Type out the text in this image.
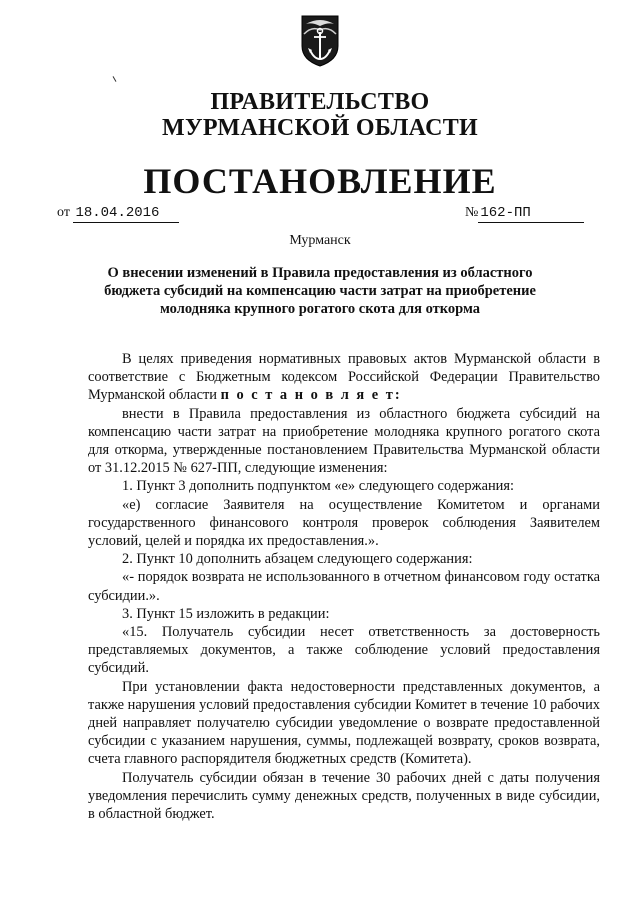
ПРАВИТЕЛЬСТВО
МУРМАНСКОЙ ОБЛАСТИ
ПОСТАНОВЛЕНИЕ
от 18.04.2016	№ 162-ПП
Мурманск
О внесении изменений в Правила предоставления из областного
бюджета субсидий на компенсацию части затрат на приобретение
молодняка крупного рогатого скота для откорма

В целях приведения нормативных правовых актов Мурманской области в соответствие с Бюджетным кодексом Российской Федерации Правительство Мурманской области п о с т а н о в л я е т:

внести в Правила предоставления из областного бюджета субсидий на компенсацию части затрат на приобретение молодняка крупного рогатого скота для откорма, утвержденные постановлением Правительства Мурманской области от 31.12.2015 № 627-ПП, следующие изменения:

1. Пункт 3 дополнить подпунктом «е» следующего содержания:

«е) согласие Заявителя на осуществление Комитетом и органами государственного финансового контроля проверок соблюдения Заявителем условий, целей и порядка их предоставления.».

2. Пункт 10 дополнить абзацем следующего содержания:

«- порядок возврата не использованного в отчетном финансовом году остатка субсидии.».

3. Пункт 15 изложить в редакции:

«15. Получатель субсидии несет ответственность за достоверность представляемых документов, а также соблюдение условий предоставления субсидий.

При установлении факта недостоверности представленных документов, а также нарушения условий предоставления субсидии Комитет в течение 10 рабочих дней направляет получателю субсидии уведомление о возврате предоставленной субсидии с указанием нарушения, суммы, подлежащей возврату, сроков возврата, счета главного распорядителя бюджетных средств (Комитета).

Получатель субсидии обязан в течение 30 рабочих дней с даты получения уведомления перечислить сумму денежных средств, полученных в виде субсидии, в областной бюджет.
